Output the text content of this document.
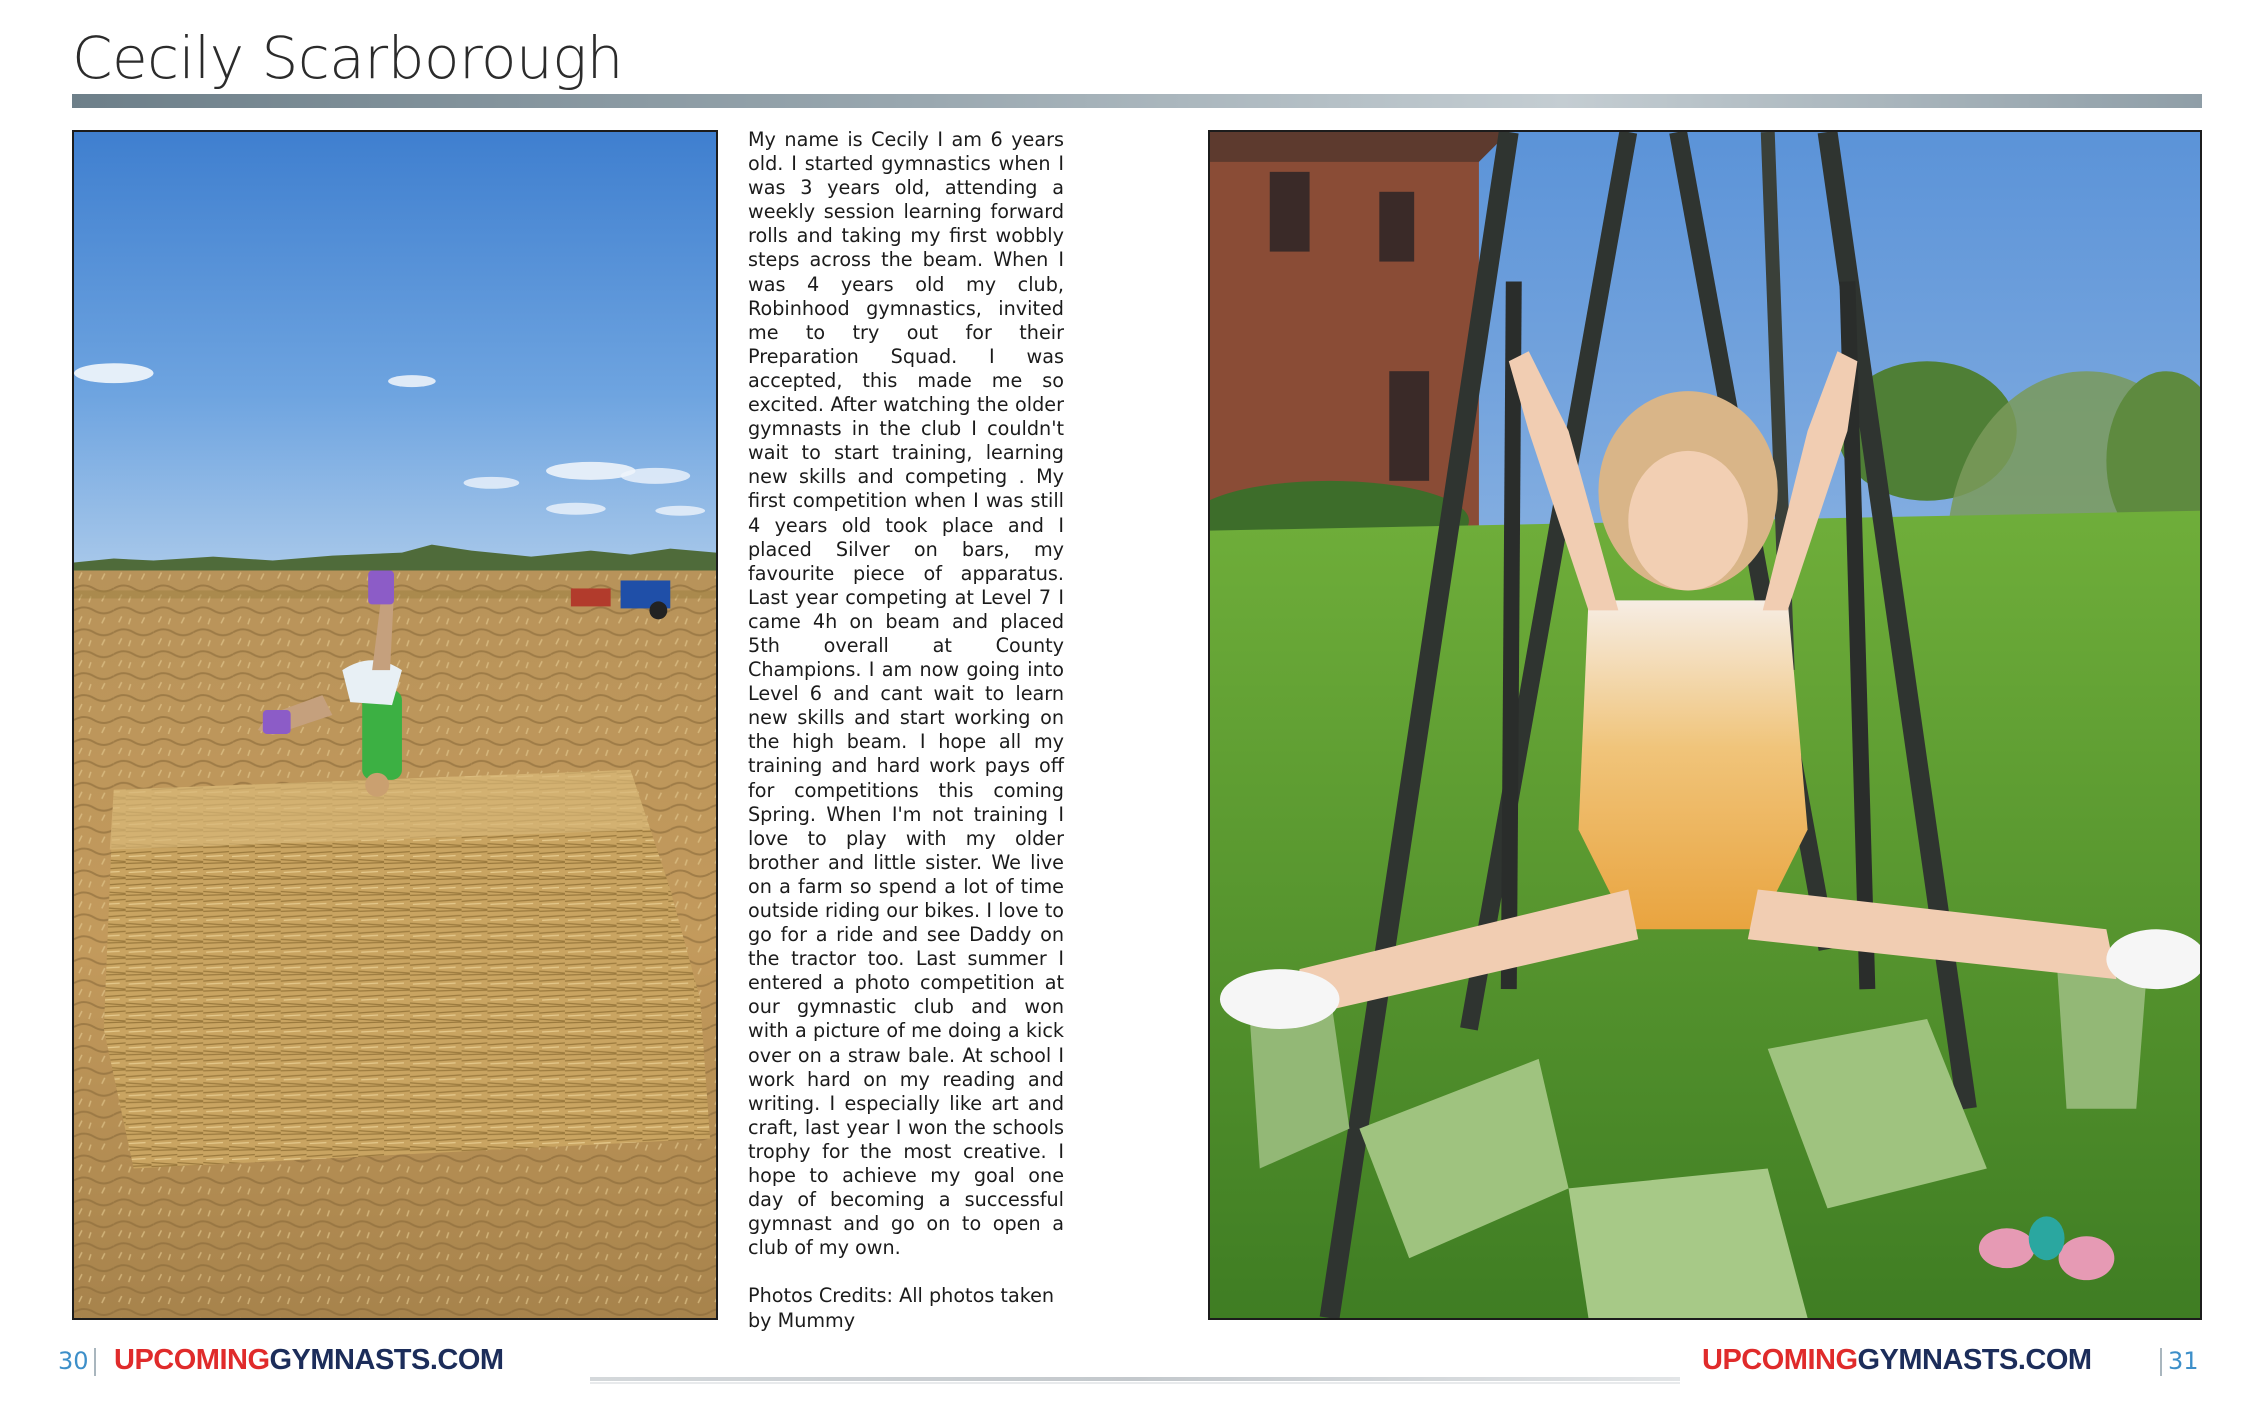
Cecily Scarborough

My name is Cecily I am 6 years old. I started gymnastics when I was 3 years old, attending a weekly session learning forward rolls and taking my first wobbly steps across the beam. When I was 4 years old my club, Robinhood gymnastics, invited me to try out for their Preparation Squad. I was accepted, this made me so excited. After watching the older gymnasts in the club I couldn't wait to start training, learning new skills and competing . My first competition when I was still 4 years old took place and I placed Silver on bars, my favourite piece of apparatus. Last year competing at Level 7 I came 4h on beam and placed 5th overall at County Champions. I am now going into Level 6 and cant wait to learn new skills and start working on the high beam. I hope all my training and hard work pays off for competitions this coming Spring. When I'm not training I love to play with my older brother and little sister. We live on a farm so spend a lot of time outside riding our bikes. I love to go for a ride and see Daddy on the tractor too. Last summer I entered a photo competition at our gymnastic club and won with a picture of me doing a kick over on a straw bale. At school I work hard on my reading and writing. I especially like art and craft, last year I won the schools trophy for the most creative. I hope to achieve my goal one day of becoming a successful gymnast and go on to open a club of my own.

Photos Credits: All photos taken by Mummy

30 UPCOMINGGYMNASTS.COM	UPCOMINGGYMNASTS.COM	31
